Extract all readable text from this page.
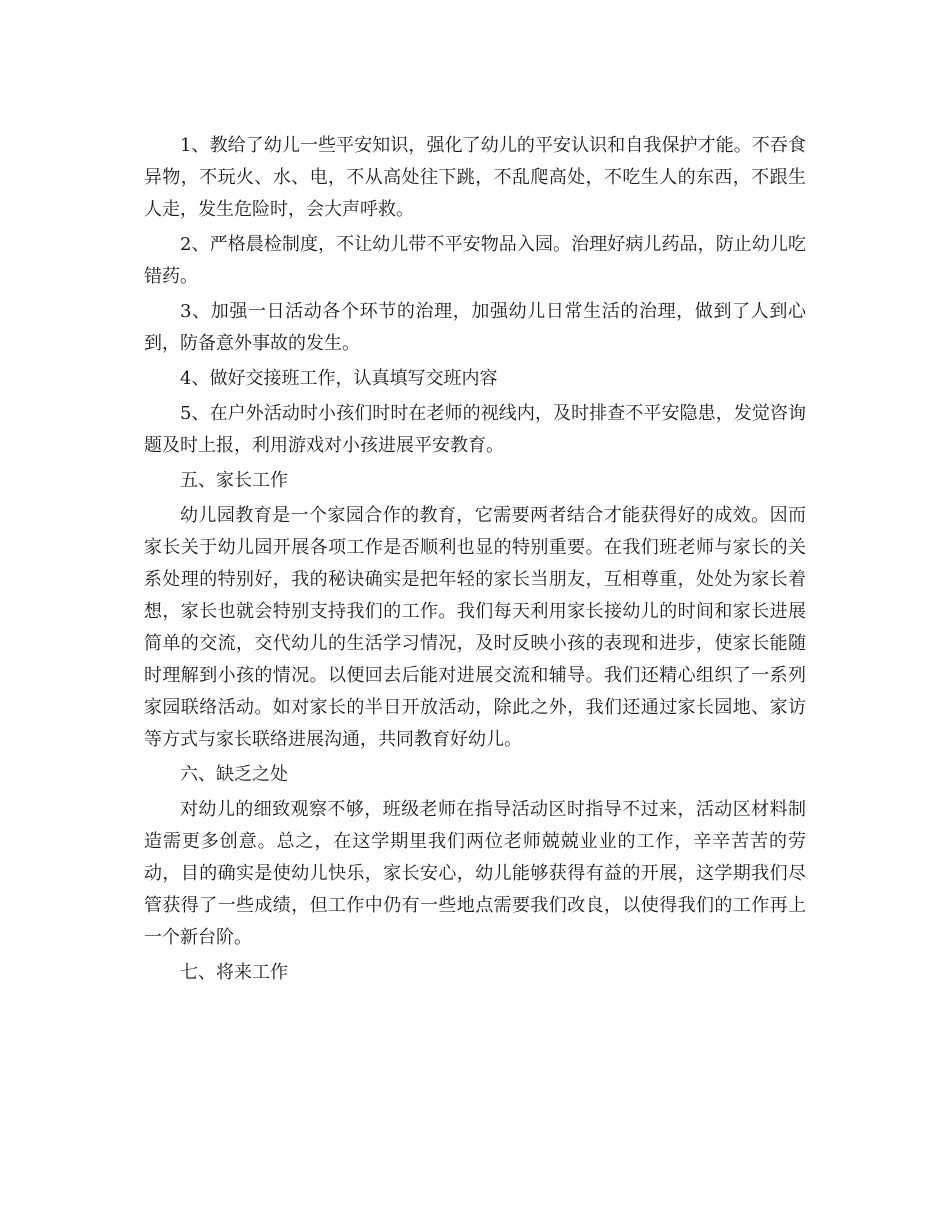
1、教给了幼儿一些平安知识，强化了幼儿的平安认识和自我保护才能。不吞食异物，不玩火、水、电，不从高处往下跳，不乱爬高处，不吃生人的东西，不跟生人走，发生危险时，会大声呼救。

2、严格晨检制度，不让幼儿带不平安物品入园。治理好病儿药品，防止幼儿吃错药。

3、加强一日活动各个环节的治理，加强幼儿日常生活的治理，做到了人到心到，防备意外事故的发生。

4、做好交接班工作，认真填写交班内容

5、在户外活动时小孩们时时在老师的视线内，及时排查不平安隐患，发觉咨询题及时上报，利用游戏对小孩进展平安教育。

五、家长工作

幼儿园教育是一个家园合作的教育，它需要两者结合才能获得好的成效。因而家长关于幼儿园开展各项工作是否顺利也显的特别重要。在我们班老师与家长的关系处理的特别好，我的秘诀确实是把年轻的家长当朋友，互相尊重，处处为家长着想，家长也就会特别支持我们的工作。我们每天利用家长接幼儿的时间和家长进展简单的交流，交代幼儿的生活学习情况，及时反映小孩的表现和进步，使家长能随时理解到小孩的情况。以便回去后能对进展交流和辅导。我们还精心组织了一系列家园联络活动。如对家长的半日开放活动，除此之外，我们还通过家长园地、家访等方式与家长联络进展沟通，共同教育好幼儿。

六、缺乏之处

对幼儿的细致观察不够，班级老师在指导活动区时指导不过来，活动区材料制造需更多创意。总之，在这学期里我们两位老师兢兢业业的工作，辛辛苦苦的劳动，目的确实是使幼儿快乐，家长安心，幼儿能够获得有益的开展，这学期我们尽管获得了一些成绩，但工作中仍有一些地点需要我们改良，以使得我们的工作再上一个新台阶。

七、将来工作
